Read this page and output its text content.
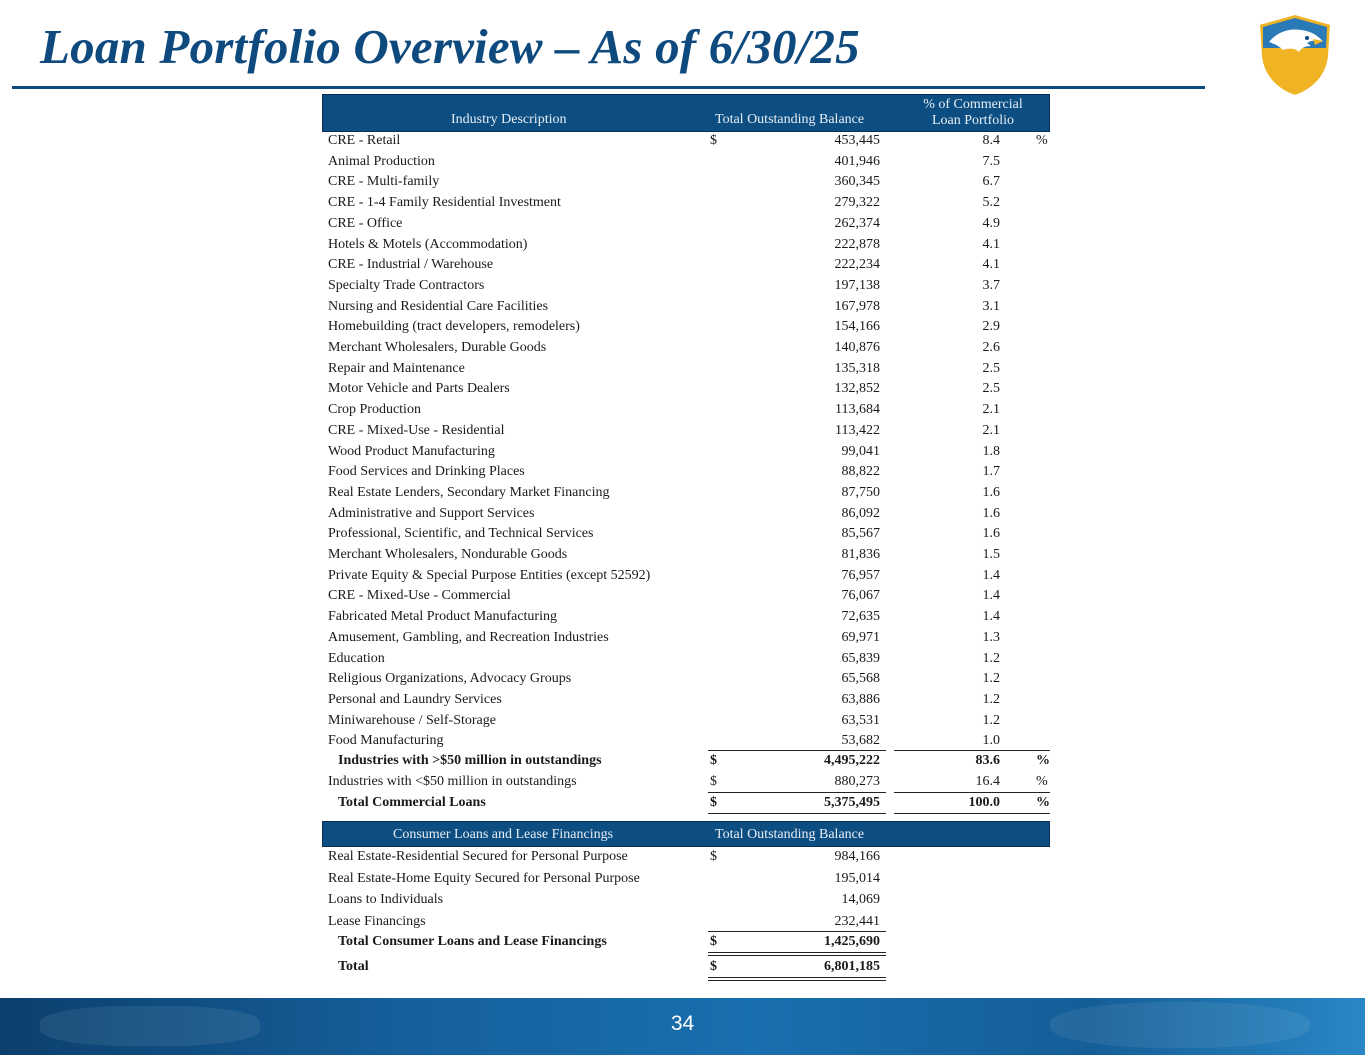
Loan Portfolio Overview – As of 6/30/25
Industry Description	Total Outstanding Balance
% of Commercial
Loan Portfolio
CRE - Retail	$	453,445	8.4	%
Animal Production	401,946	7.5
CRE - Multi-family	360,345	6.7
CRE - 1-4 Family Residential Investment	279,322	5.2
CRE - Office	262,374	4.9
Hotels & Motels (Accommodation)	222,878	4.1
CRE - Industrial / Warehouse	222,234	4.1
Specialty Trade Contractors	197,138	3.7
Nursing and Residential Care Facilities	167,978	3.1
Homebuilding (tract developers, remodelers)	154,166	2.9
Merchant Wholesalers, Durable Goods	140,876	2.6
Repair and Maintenance	135,318	2.5
Motor Vehicle and Parts Dealers	132,852	2.5
Crop Production	113,684	2.1
CRE - Mixed-Use - Residential	113,422	2.1
Wood Product Manufacturing	99,041	1.8
Food Services and Drinking Places	88,822	1.7
Real Estate Lenders, Secondary Market Financing	87,750	1.6
Administrative and Support Services	86,092	1.6
Professional, Scientific, and Technical Services	85,567	1.6
Merchant Wholesalers, Nondurable Goods	81,836	1.5
Private Equity & Special Purpose Entities (except 52592)	76,957	1.4
CRE - Mixed-Use - Commercial	76,067	1.4
Fabricated Metal Product Manufacturing	72,635	1.4
Amusement, Gambling, and Recreation Industries	69,971	1.3
Education	65,839	1.2
Religious Organizations, Advocacy Groups	65,568	1.2
Personal and Laundry Services	63,886	1.2
Miniwarehouse / Self-Storage	63,531	1.2
Food Manufacturing	53,682	1.0
Industries with >$50 million in outstandings	$	4,495,222	83.6	%
Industries with <$50 million in outstandings	$	880,273	16.4	%
Total Commercial Loans	$	5,375,495	100.0	%
Consumer Loans and Lease Financings	Total Outstanding Balance
Real Estate-Residential Secured for Personal Purpose	$	984,166
Real Estate-Home Equity Secured for Personal Purpose	195,014
Loans to Individuals	14,069
Lease Financings	232,441
Total Consumer Loans and Lease Financings	$	1,425,690
Total	$	6,801,185
34
